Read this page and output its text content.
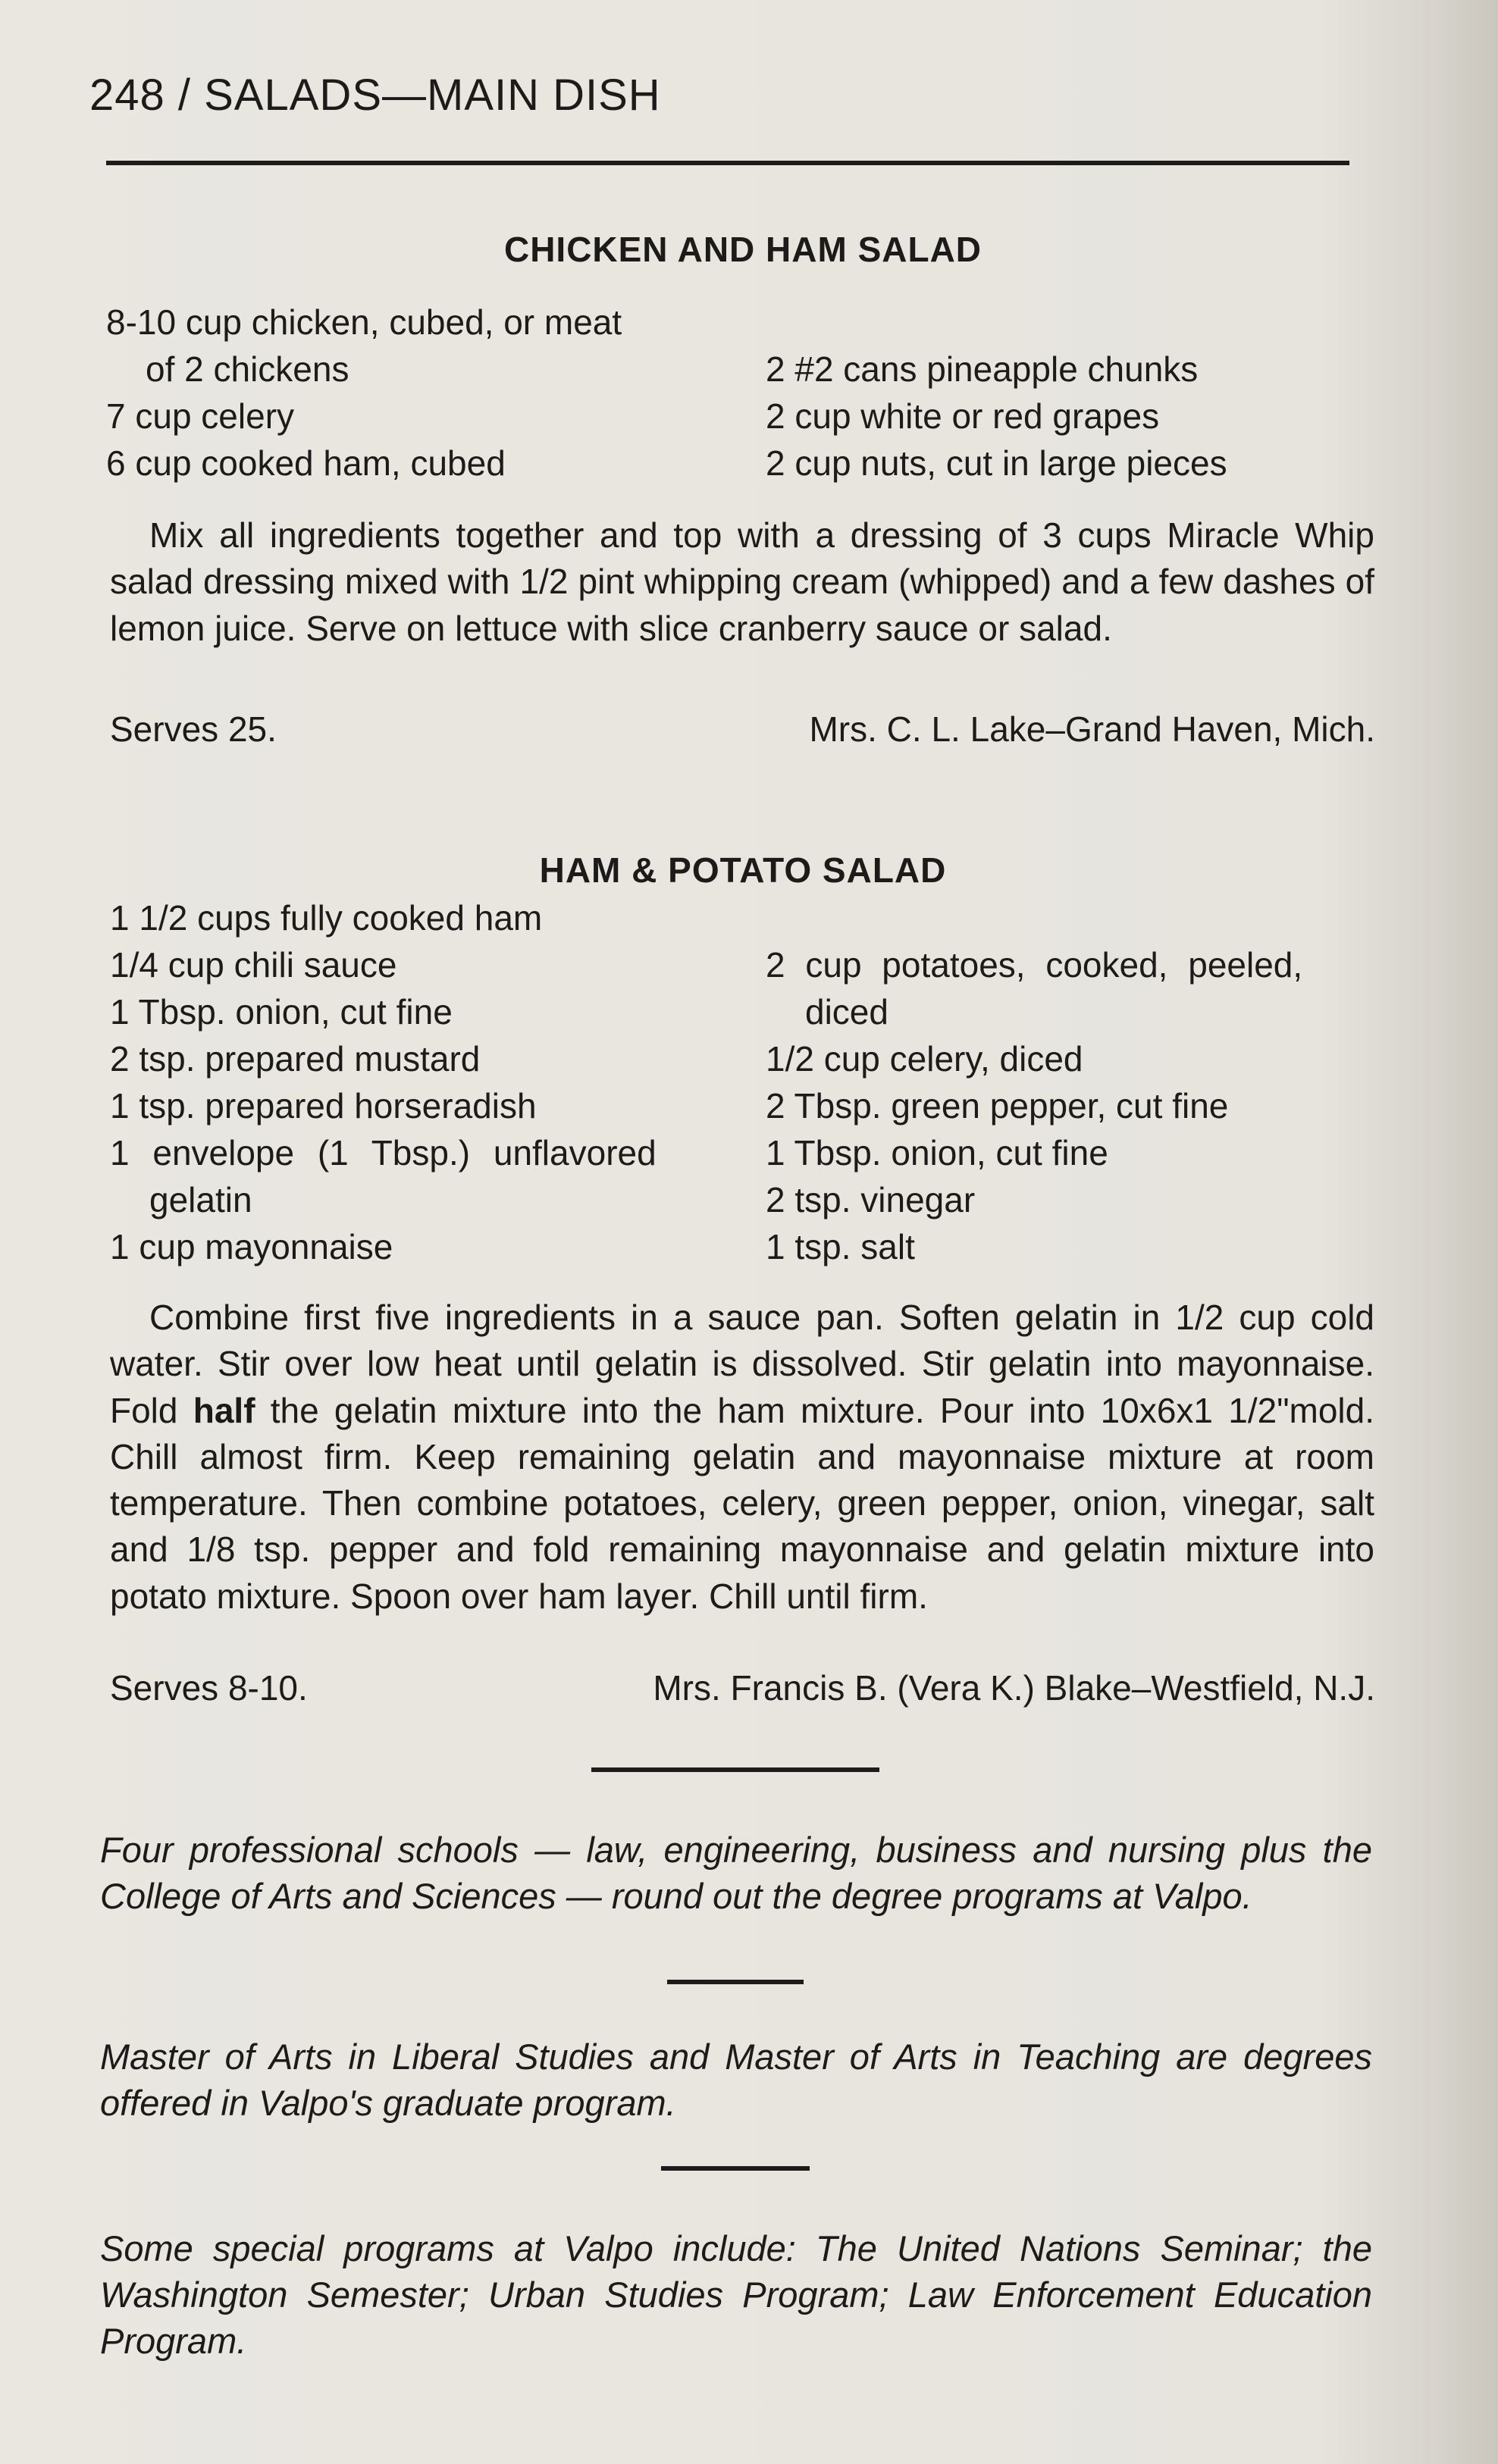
248 / SALADS—MAIN DISH
CHICKEN AND HAM SALAD
8-10 cup chicken, cubed, or meat
of 2 chickens
7 cup celery
6 cup cooked ham, cubed
2 #2 cans pineapple chunks
2 cup white or red grapes
2 cup nuts, cut in large pieces
Mix all ingredients together and top with a dressing of 3 cups Miracle Whip salad dressing mixed with 1/2 pint whipping cream (whipped) and a few dashes of lemon juice. Serve on lettuce with slice cranberry sauce or salad.
Serves 25.	Mrs. C. L. Lake–Grand Haven, Mich.
HAM & POTATO SALAD
1 1/2 cups fully cooked ham
1/4 cup chili sauce
1 Tbsp. onion, cut fine
2 tsp. prepared mustard
1 tsp. prepared horseradish
1 envelope (1 Tbsp.) unflavored
gelatin
1 cup mayonnaise
2 cup potatoes, cooked, peeled,
diced
1/2 cup celery, diced
2 Tbsp. green pepper, cut fine
1 Tbsp. onion, cut fine
2 tsp. vinegar
1 tsp. salt
Combine first five ingredients in a sauce pan. Soften gelatin in 1/2 cup cold water. Stir over low heat until gelatin is dissolved. Stir gelatin into mayonnaise. Fold half the gelatin mixture into the ham mixture. Pour into 10x6x1 1/2"mold. Chill almost firm. Keep remaining gelatin and mayonnaise mixture at room temperature. Then combine potatoes, celery, green pepper, onion, vinegar, salt and 1/8 tsp. pepper and fold remaining mayonnaise and gelatin mixture into potato mixture. Spoon over ham layer. Chill until firm.
Serves 8-10.	Mrs. Francis B. (Vera K.) Blake–Westfield, N.J.
Four professional schools — law, engineering, business and nursing plus the College of Arts and Sciences — round out the degree programs at Valpo.
Master of Arts in Liberal Studies and Master of Arts in Teaching are degrees offered in Valpo's graduate program.
Some special programs at Valpo include: The United Nations Seminar; the Washington Semester; Urban Studies Program; Law Enforcement Education Program.
